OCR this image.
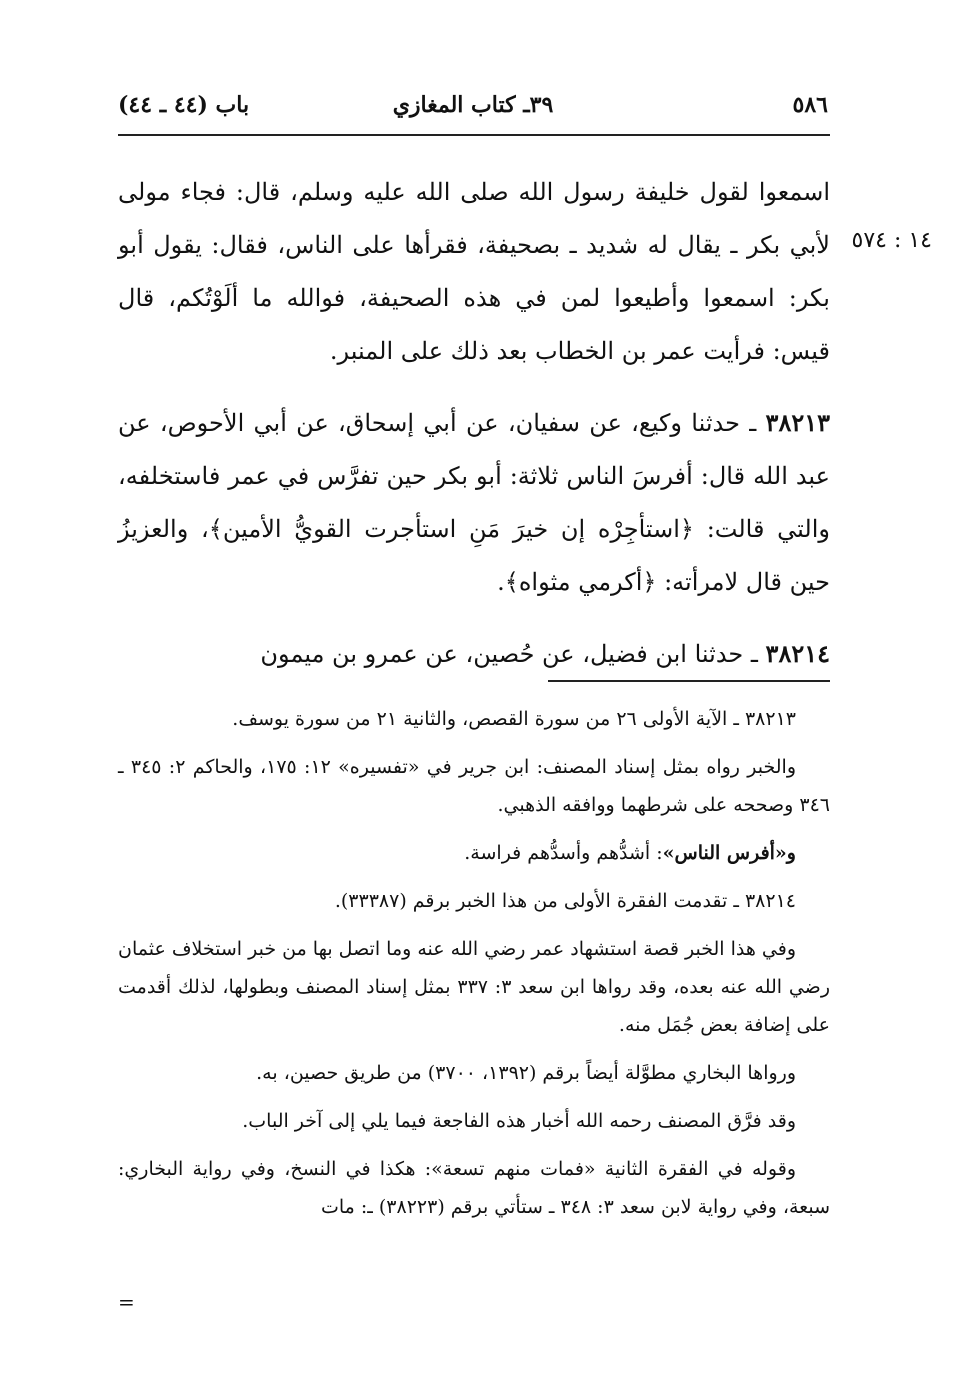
٥٨٦
٣٩ـ كتاب المغازي
باب (٤٤ ـ ٤٤)
١٤ : ٥٧٤

اسمعوا لقول خليفة رسول الله صلى الله عليه وسلم، قال: فجاء مولى لأبي بكر ـ يقال له شديد ـ بصحيفة، فقرأها على الناس، فقال: يقول أبو بكر: اسمعوا وأطيعوا لمن في هذه الصحيفة، فوالله ما ألَوْتُكم، قال قيس: فرأيت عمر بن الخطاب بعد ذلك على المنبر.

٣٨٢١٣ ـ حدثنا وكيع، عن سفيان، عن أبي إسحاق، عن أبي الأحوص، عن عبد الله قال: أفرسَ الناس ثلاثة: أبو بكر حين تفرَّس في عمر فاستخلفه، والتي قالت: ﴿استأجِرْه إن خيرَ مَنِ استأجرت القويُّ الأمين﴾، والعزيزُ حين قال لامرأته: ﴿أكرمي مثواه﴾.

٣٨٢١٤ ـ حدثنا ابن فضيل، عن حُصين، عن عمرو بن ميمون

٣٨٢١٣ ـ الآية الأولى ٢٦ من سورة القصص، والثانية ٢١ من سورة يوسف.

والخبر رواه بمثل إسناد المصنف: ابن جرير في «تفسيره» ١٢: ١٧٥، والحاكم ٢: ٣٤٥ ـ ٣٤٦ وصححه على شرطهما ووافقه الذهبي.

و«أفرس الناس»: أشدُّهم وأسدُّهم فراسة.

٣٨٢١٤ ـ تقدمت الفقرة الأولى من هذا الخبر برقم (٣٣٣٨٧).

وفي هذا الخبر قصة استشهاد عمر رضي الله عنه وما اتصل بها من خبر استخلاف عثمان رضي الله عنه بعده، وقد رواها ابن سعد ٣: ٣٣٧ بمثل إسناد المصنف وبطولها، لذلك أقدمت على إضافة بعض جُمَل منه.

ورواها البخاري مطوَّلة أيضاً برقم (١٣٩٢، ٣٧٠٠) من طريق حصين، به.

وقد فرَّق المصنف رحمه الله أخبار هذه الفاجعة فيما يلي إلى آخر الباب.

وقوله في الفقرة الثانية «فمات منهم تسعة»: هكذا في النسخ، وفي رواية البخاري: سبعة، وفي رواية لابن سعد ٣: ٣٤٨ ـ ستأتي برقم (٣٨٢٢٣) ـ: مات

=
